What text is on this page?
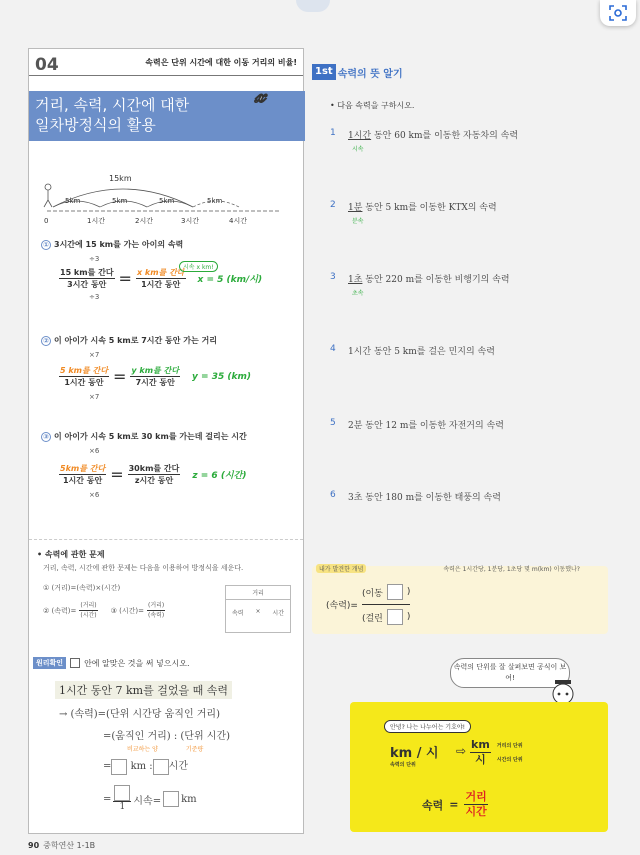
04	속력은 단위 시간에 대한 이동 거리의 비율!
거리, 속력, 시간에 대한
일차방정식의 활용
𝓍
15km
5km	5km	5km	5km
0	1시간	2시간	3시간	4시간
① 3시간에 15 km를 가는 아이의 속력
÷3
$\frac{\text{15 km를 간다}}{\text{3시간 동안}} = \frac{\text{x km를 간다}}{\text{1시간 동안}}$ x = 5 (km/시)
시속 x km!
÷3
② 이 아이가 시속 5 km로 7시간 동안 가는 거리
×7
$\frac{\text{5 km를 간다}}{\text{1시간 동안}} = \frac{\text{y km를 간다}}{\text{7시간 동안}}$ y = 35 (km)
×7
③ 이 아이가 시속 5 km로 30 km를 가는데 걸리는 시간
×6
$\frac{\text{5km를 간다}}{\text{1시간 동안}} = \frac{\text{30km를 간다}}{\text{z시간 동안}}$ z = 6 (시간)
×6
• 속력에 관한 문제
거리, 속력, 시간에 관한 문제는 다음을 이용하여 방정식을 세운다.
① (거리)=(속력)×(시간)
② (속력)= $\frac{\text{(거리)}}{\text{(시간)}}$ ③ (시간)= $\frac{\text{(거리)}}{\text{(속력)}}$
거리
속력 × 시간
원리확인	안에 알맞은 것을 써 넣으시오.
1시간 동안 7 km를 걸었을 때 속력
→ (속력)=(단위 시간당 움직인 거리)
=(움직인 거리) : (단위 시간)
비교하는 양	기준량
= km : 시간
=
1
시속= km
90 중학연산 1-1B
1st 속력의 뜻 알기
• 다음 속력을 구하시오.
1 1시간 동안 60 km를 이동한 자동차의 속력
시속
2 1분 동안 5 km를 이동한 KTX의 속력
분속
3 1초 동안 220 m를 이동한 비행기의 속력
초속
4 1시간 동안 5 km를 걸은 민지의 속력
5 2분 동안 12 m를 이동한 자전거의 속력
6 3초 동안 180 m를 이동한 태풍의 속력
내가 발견한 개념	속력은 1시간당, 1분당, 1초당 몇 m(km) 이동했나?
(속력)=
(이동	)
(걸린	)
속력의 단위를 잘 살펴보면 공식이 보여!
안녕? 나는 나누어는 기호야!
km / 시
속력의 단위
⇨ $\frac{km}{\text{시}}$ 거리의 단위
시간의 단위
속력 = $\frac{\text{거리}}{\text{시간}}$
